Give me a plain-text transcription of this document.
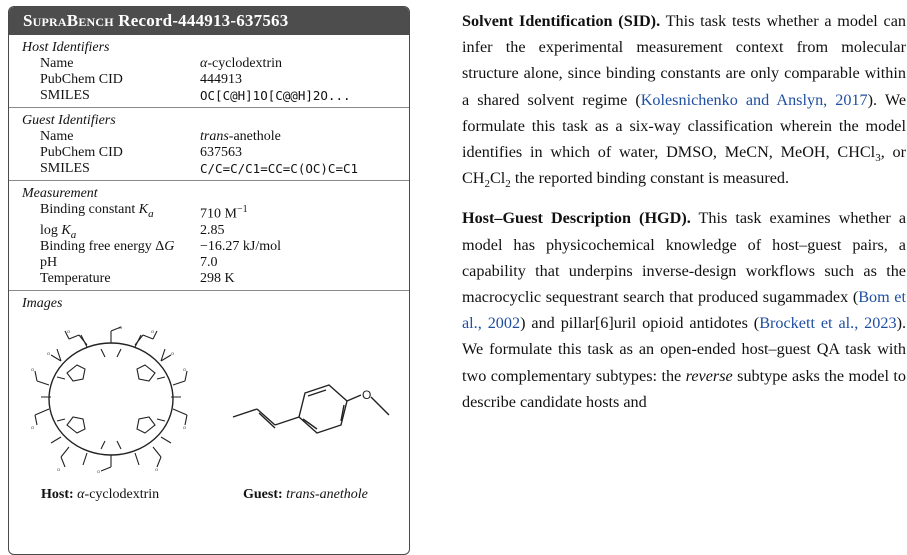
SupraBench Record-444913-637563
Host Identifiers
Name	α-cyclodextrin
PubChem CID	444913
SMILES	OC[C@H]1O[C@@H]2O...
Guest Identifiers
Name	trans-anethole
PubChem CID	637563
SMILES	C/C=C/C1=CC=C(OC)C=C1
Measurement
Binding constant $K_a$	710 $M^{-1}$
$\log K_a$	2.85
Binding free energy ΔG	−16.27 kJ/mol
pH	7.0
Temperature	298 K
Images
O	O
O
O
O
O
O
O
O
O
O	O
O
Host: α-cyclodextrin	Guest: trans-anethole

Solvent Identification (SID). This task tests whether a model can infer the experimental measurement context from molecular structure alone, since binding constants are only comparable within a shared solvent regime (Kolesnichenko and Anslyn, 2017). We formulate this task as a six-way classification wherein the model identifies in which of water, DMSO, MeCN, MeOH, CHCl$_3$, or $CH_2Cl_2$ the reported binding constant is measured.

Host–Guest Description (HGD). This task examines whether a model has physicochemical knowledge of host–guest pairs, a capability that underpins inverse-design workflows such as the macrocyclic sequestrant search that produced sugammadex (Bom et al., 2002) and pillar[6]uril opioid antidotes (Brockett et al., 2023). We formulate this task as an open-ended host–guest QA task with two complementary subtypes: the reverse subtype asks the model to describe candidate hosts and
